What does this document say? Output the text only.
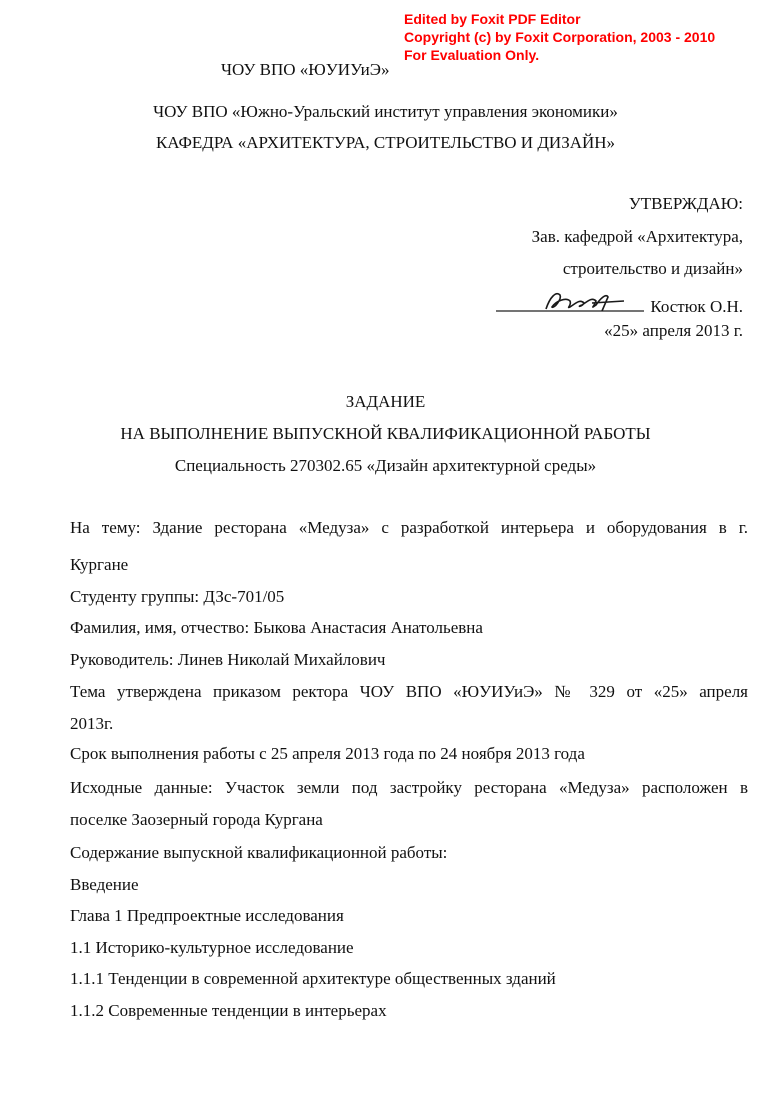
Edited by Foxit PDF Editor
Copyright (c) by Foxit Corporation, 2003 - 2010
For Evaluation Only.
ЧОУ ВПО «ЮУИУиЭ»
ЧОУ ВПО «Южно-Уральский институт управления экономики»
КАФЕДРА «АРХИТЕКТУРА, СТРОИТЕЛЬСТВО И ДИЗАЙН»
УТВЕРЖДАЮ:
Зав. кафедрой «Архитектура,
строительство и дизайн»
Костюк О.Н.
«25» апреля 2013 г.
ЗАДАНИЕ
НА ВЫПОЛНЕНИЕ ВЫПУСКНОЙ КВАЛИФИКАЦИОННОЙ РАБОТЫ
Специальность 270302.65 «Дизайн архитектурной среды»
На тему: Здание ресторана «Медуза» с разработкой интерьера и оборудования в г.
Кургане
Студенту группы: ДЗс-701/05
Фамилия, имя, отчество: Быкова Анастасия Анатольевна
Руководитель: Линев Николай Михайлович
Тема утверждена приказом ректора ЧОУ ВПО «ЮУИУиЭ» № 329 от «25» апреля
2013г.
Срок выполнения работы с 25 апреля 2013 года по 24 ноября 2013 года
Исходные данные: Участок земли под застройку ресторана «Медуза» расположен в
поселке Заозерный города Кургана
Содержание выпускной квалификационной работы:
Введение
Глава 1 Предпроектные исследования
1.1 Историко-культурное исследование
1.1.1 Тенденции в современной архитектуре общественных зданий
1.1.2 Современные тенденции в интерьерах
